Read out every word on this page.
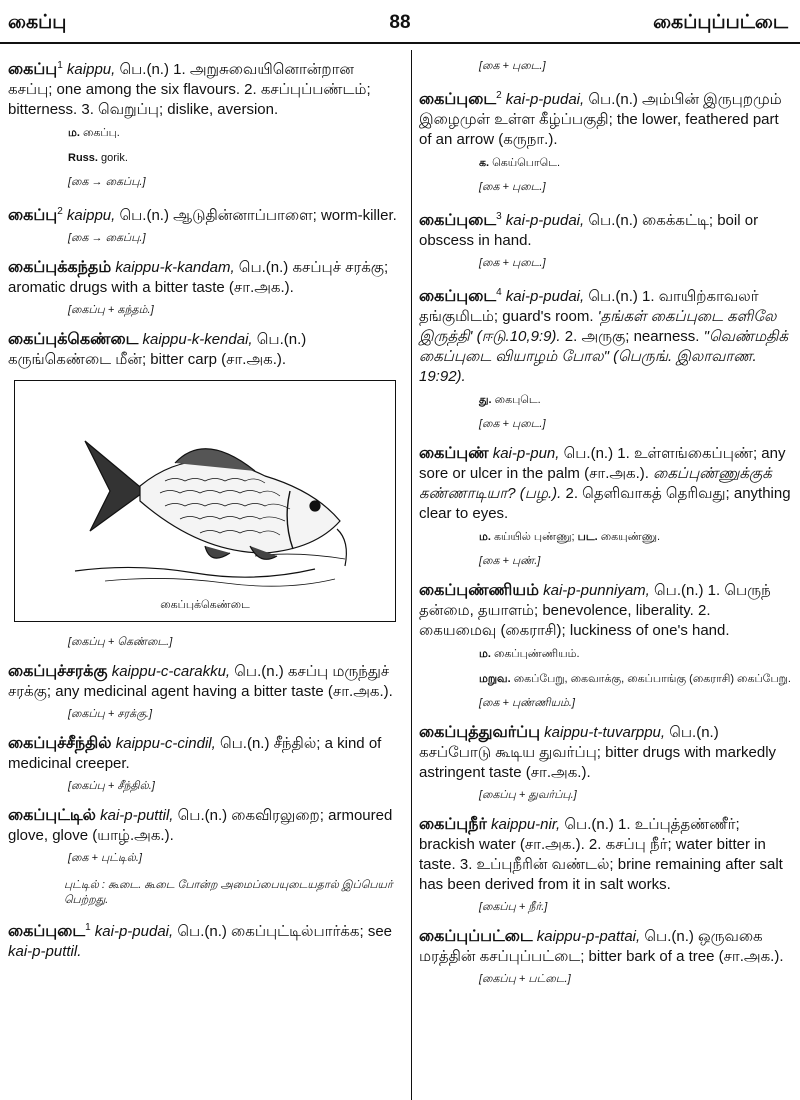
கைப்பு	88	கைப்புப்பட்டை

கைப்பு$^1$ kaippu, பெ.(n.) 1. அறுசுவையினொன்றான கசப்பு; one among the six flavours. 2. கசப்புப்பண்டம்; bitterness. 3. வெறுப்பு; dislike, aversion.

ம. கைப்பு.
Russ. gorik.
[கை → கைப்பு.]

கைப்பு$^2$ kaippu, பெ.(n.) ஆடுதின்னாப்பாளை; worm-killer.

[கை → கைப்பு.]

கைப்புக்கந்தம் kaippu-k-kandam, பெ.(n.) கசப்புச் சரக்கு; aromatic drugs with a bitter taste (சா.அக.).

[கைப்பு + கந்தம்.]

கைப்புக்கெண்டை kaippu-k-kendai, பெ.(n.) கருங்கெண்டை மீன்; bitter carp (சா.அக.).

கைப்புக்கெண்டை
[கைப்பு + கெண்டை.]

கைப்புச்சரக்கு kaippu-c-carakku, பெ.(n.) கசப்பு மருந்துச் சரக்கு; any medicinal agent having a bitter taste (சா.அக.).

[கைப்பு + சரக்கு.]

கைப்புச்சீந்தில் kaippu-c-cindil, பெ.(n.) சீந்தில்; a kind of medicinal creeper.

[கைப்பு + சீந்தில்.]

கைப்புட்டில் kai-p-puttil, பெ.(n.) கைவிரலுறை; armoured glove, glove (யாழ்.அக.).

[கை + புட்டில்.]
புட்டில் : கூடை. கூடை போன்ற அமைப்பையுடையதால் இப்பெயர் பெற்றது.

கைப்புடை$^1$ kai-p-pudai, பெ.(n.) கைப்புட்டில்பார்க்க; see kai-p-puttil.

[கை + புடை.]

கைப்புடை$^2$ kai-p-pudai, பெ.(n.) அம்பின் இருபுறமும் இழைமுள் உள்ள கீழ்ப்பகுதி; the lower, feathered part of an arrow (கருநா.).

க. கெய்பொடெ.
[கை + புடை.]

கைப்புடை$^3$ kai-p-pudai, பெ.(n.) கைக்கட்டி; boil or obscess in hand.

[கை + புடை.]

கைப்புடை$^4$ kai-p-pudai, பெ.(n.) 1. வாயிற்காவலர் தங்குமிடம்; guard's room. 'தங்கள் கைப்புடை களிலே இருத்தி' (ஈடு.10,9:9). 2. அருகு; nearness. "வெண்மதிக் கைப்புடை வியாழம் போல" (பெருங். இலாவாண. 19:92).

து. கைபுடெ.
[கை + புடை.]

கைப்புண் kai-p-pun, பெ.(n.) 1. உள்ளங்கைப்புண்; any sore or ulcer in the palm (சா.அக.). கைப்புண்ணுக்குக் கண்ணாடியா? (பழ.). 2. தெளிவாகத் தெரிவது; anything clear to eyes.

ம. கய்யில் புண்ணு; பட. கையுண்ணு.
[கை + புண்.]

கைப்புண்ணியம் kai-p-punniyam, பெ.(n.) 1. பெருந் தன்மை, தயாளம்; benevolence, liberality. 2. கையமைவு (கைராசி); luckiness of one's hand.

ம. கைப்புண்ணியம்.
மறுவ. கைப்பேறு, கைவாக்கு, கைப்பாங்கு (கைராசி) கைப்பேறு.
[கை + புண்ணியம்.]

கைப்புத்துவர்ப்பு kaippu-t-tuvarppu, பெ.(n.) கசப்போடு கூடிய துவர்ப்பு; bitter drugs with markedly astringent taste (சா.அக.).

[கைப்பு + துவர்ப்பு.]

கைப்புநீர் kaippu-nir, பெ.(n.) 1. உப்புத்தண்ணீர்; brackish water (சா.அக.). 2. கசப்பு நீர்; water bitter in taste. 3. உப்புநீரின் வண்டல்; brine remaining after salt has been derived from it in salt works.

[கைப்பு + நீர்.]

கைப்புப்பட்டை kaippu-p-pattai, பெ.(n.) ஒருவகை மரத்தின் கசப்புப்பட்டை; bitter bark of a tree (சா.அக.).

[கைப்பு + பட்டை.]
